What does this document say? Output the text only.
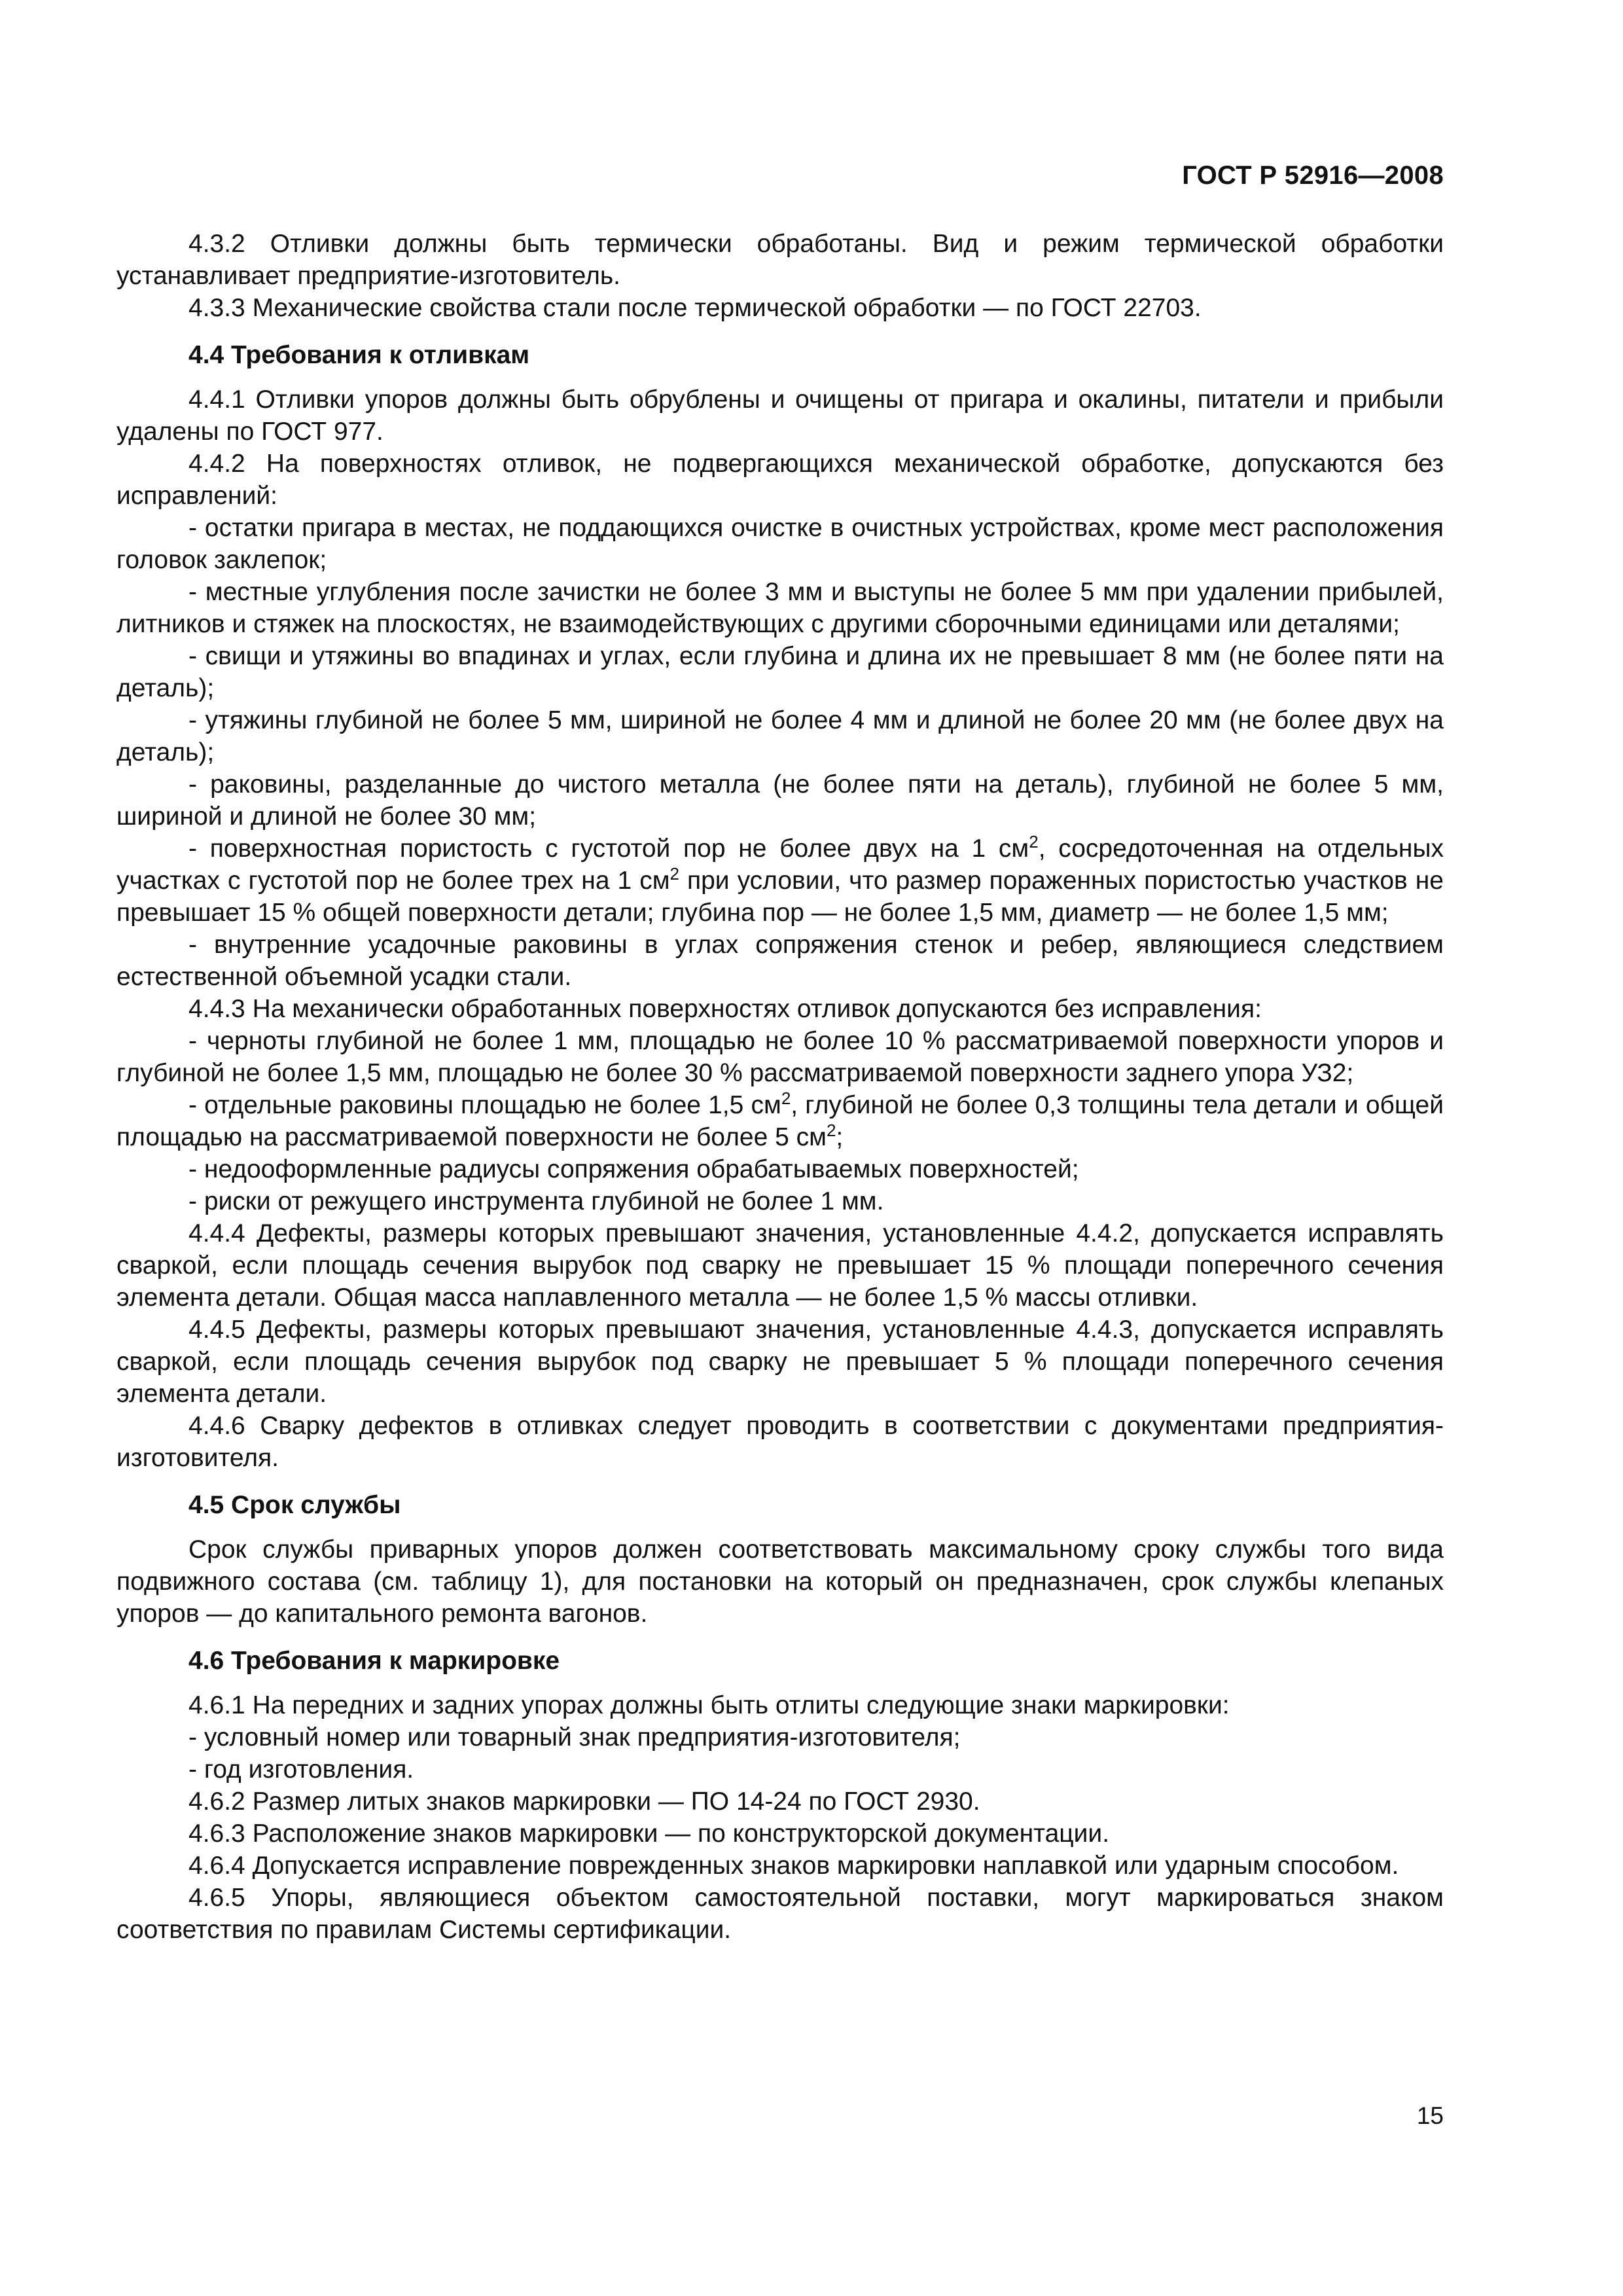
ГОСТ Р 52916—2008

4.3.2 Отливки должны быть термически обработаны. Вид и режим термической обработки устанавливает предприятие-изготовитель.

4.3.3 Механические свойства стали после термической обработки — по ГОСТ 22703.

4.4 Требования к отливкам

4.4.1 Отливки упоров должны быть обрублены и очищены от пригара и окалины, питатели и прибыли удалены по ГОСТ 977.

4.4.2 На поверхностях отливок, не подвергающихся механической обработке, допускаются без исправлений:

- остатки пригара в местах, не поддающихся очистке в очистных устройствах, кроме мест расположения головок заклепок;

- местные углубления после зачистки не более 3 мм и выступы не более 5 мм при удалении прибылей, литников и стяжек на плоскостях, не взаимодействующих с другими сборочными единицами или деталями;

- свищи и утяжины во впадинах и углах, если глубина и длина их не превышает 8 мм (не более пяти на деталь);

- утяжины глубиной не более 5 мм, шириной не более 4 мм и длиной не более 20 мм (не более двух на деталь);

- раковины, разделанные до чистого металла (не более пяти на деталь), глубиной не более 5 мм, шириной и длиной не более 30 мм;

- поверхностная пористость с густотой пор не более двух на 1 $см^2$, сосредоточенная на отдельных участках с густотой пор не более трех на 1 $см^2$ при условии, что размер пораженных пористостью участков не превышает 15 % общей поверхности детали; глубина пор — не более 1,5 мм, диаметр — не более 1,5 мм;

- внутренние усадочные раковины в углах сопряжения стенок и ребер, являющиеся следствием естественной объемной усадки стали.

4.4.3 На механически обработанных поверхностях отливок допускаются без исправления:

- черноты глубиной не более 1 мм, площадью не более 10 % рассматриваемой поверхности упоров и глубиной не более 1,5 мм, площадью не более 30 % рассматриваемой поверхности заднего упора УЗ2;

- отдельные раковины площадью не более 1,5 $см^2$, глубиной не более 0,3 толщины тела детали и общей площадью на рассматриваемой поверхности не более 5 $см^2$;

- недооформленные радиусы сопряжения обрабатываемых поверхностей;

- риски от режущего инструмента глубиной не более 1 мм.

4.4.4 Дефекты, размеры которых превышают значения, установленные 4.4.2, допускается исправлять сваркой, если площадь сечения вырубок под сварку не превышает 15 % площади поперечного сечения элемента детали. Общая масса наплавленного металла — не более 1,5 % массы отливки.

4.4.5 Дефекты, размеры которых превышают значения, установленные 4.4.3, допускается исправлять сваркой, если площадь сечения вырубок под сварку не превышает 5 % площади поперечного сечения элемента детали.

4.4.6 Сварку дефектов в отливках следует проводить в соответствии с документами предприятия-изготовителя.

4.5 Срок службы

Срок службы приварных упоров должен соответствовать максимальному сроку службы того вида подвижного состава (см. таблицу 1), для постановки на который он предназначен, срок службы клепаных упоров — до капитального ремонта вагонов.

4.6 Требования к маркировке

4.6.1 На передних и задних упорах должны быть отлиты следующие знаки маркировки:

- условный номер или товарный знак предприятия-изготовителя;

- год изготовления.

4.6.2 Размер литых знаков маркировки — ПО 14-24 по ГОСТ 2930.

4.6.3 Расположение знаков маркировки — по конструкторской документации.

4.6.4 Допускается исправление поврежденных знаков маркировки наплавкой или ударным способом.

4.6.5 Упоры, являющиеся объектом самостоятельной поставки, могут маркироваться знаком соответствия по правилам Системы сертификации.

15
